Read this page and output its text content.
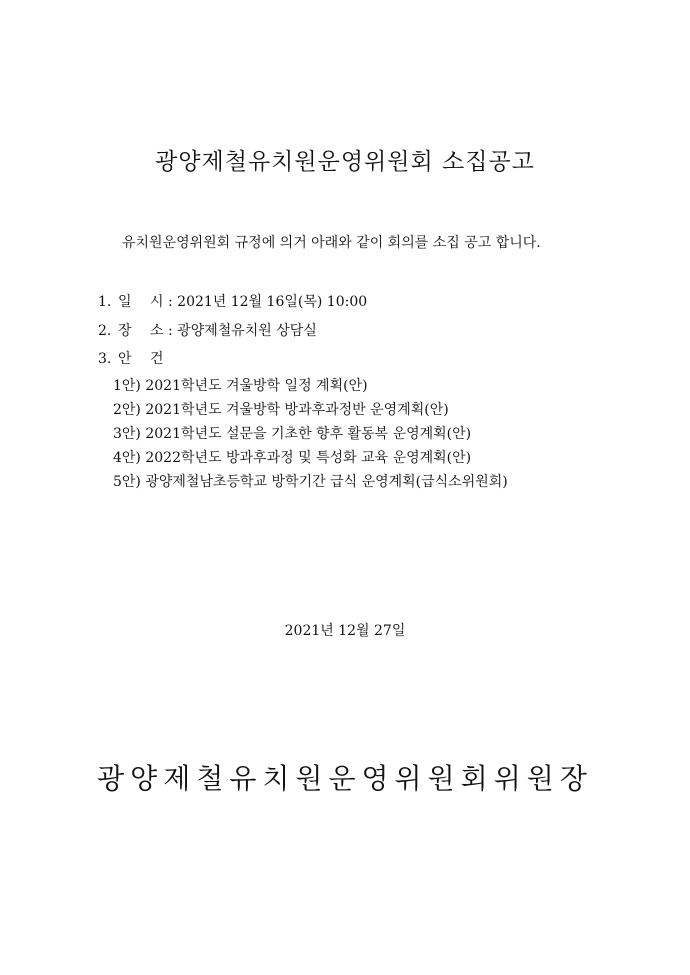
광양제철유치원운영위원회 소집공고
유치원운영위원회 규정에 의거 아래와 같이 회의를 소집 공고 합니다.
1. 일 시 : 2021년 12월 16일(목) 10:00
2. 장 소 : 광양제철유치원 상담실
3. 안 건
1안) 2021학년도 겨울방학 일정 계획(안)
2안) 2021학년도 겨울방학 방과후과정반 운영계획(안)
3안) 2021학년도 설문을 기초한 향후 활동복 운영계획(안)
4안) 2022학년도 방과후과정 및 특성화 교육 운영계획(안)
5안) 광양제철남초등학교 방학기간 급식 운영계획(급식소위원회)
2021년 12월 27일
광양제철유치원운영위원회위원장
